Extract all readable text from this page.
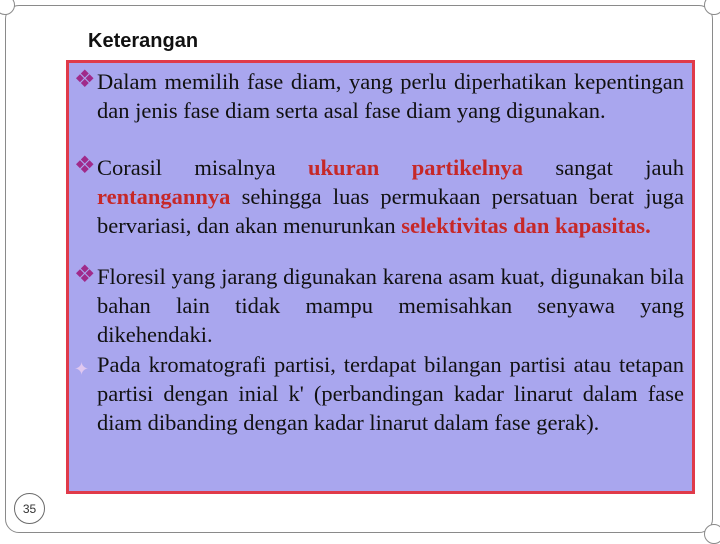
Keterangan

❖ Dalam memilih fase diam, yang perlu diperhatikan kepentingan dan jenis fase diam serta asal fase diam yang digunakan.

❖ Corasil misalnya ukuran partikelnya sangat jauh rentangannya sehingga luas permukaan persatuan berat juga bervariasi, dan akan menurunkan selektivitas dan kapasitas.

❖ Floresil yang jarang digunakan karena asam kuat, digunakan bila bahan lain tidak mampu memisahkan senyawa yang dikehendaki.

✦ Pada kromatografi partisi, terdapat bilangan partisi atau tetapan partisi dengan inial k' (perbandingan kadar linarut dalam fase diam dibanding dengan kadar linarut dalam fase gerak).

35
